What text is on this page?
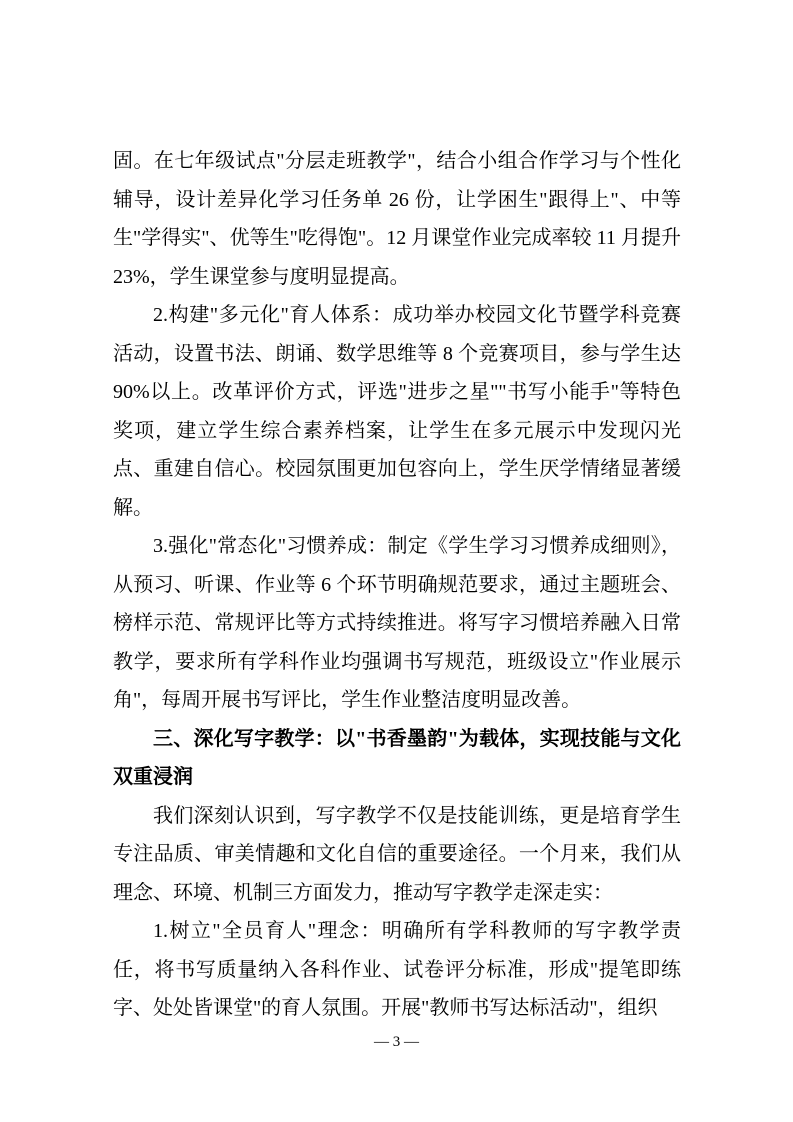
固。在七年级试点"分层走班教学"，结合小组合作学习与个性化辅导，设计差异化学习任务单 26 份，让学困生"跟得上"、中等生"学得实"、优等生"吃得饱"。12 月课堂作业完成率较 11 月提升 23%，学生课堂参与度明显提高。

2.构建"多元化"育人体系：成功举办校园文化节暨学科竞赛活动，设置书法、朗诵、数学思维等 8 个竞赛项目，参与学生达 90%以上。改革评价方式，评选"进步之星""书写小能手"等特色奖项，建立学生综合素养档案，让学生在多元展示中发现闪光点、重建自信心。校园氛围更加包容向上，学生厌学情绪显著缓解。

3.强化"常态化"习惯养成：制定《学生学习习惯养成细则》，从预习、听课、作业等 6 个环节明确规范要求，通过主题班会、榜样示范、常规评比等方式持续推进。将写字习惯培养融入日常教学，要求所有学科作业均强调书写规范，班级设立"作业展示角"，每周开展书写评比，学生作业整洁度明显改善。

三、深化写字教学：以"书香墨韵"为载体，实现技能与文化双重浸润

我们深刻认识到，写字教学不仅是技能训练，更是培育学生专注品质、审美情趣和文化自信的重要途径。一个月来，我们从理念、环境、机制三方面发力，推动写字教学走深走实：

1.树立"全员育人"理念：明确所有学科教师的写字教学责任，将书写质量纳入各科作业、试卷评分标准，形成"提笔即练字、处处皆课堂"的育人氛围。开展"教师书写达标活动"，组织

— 3 —
